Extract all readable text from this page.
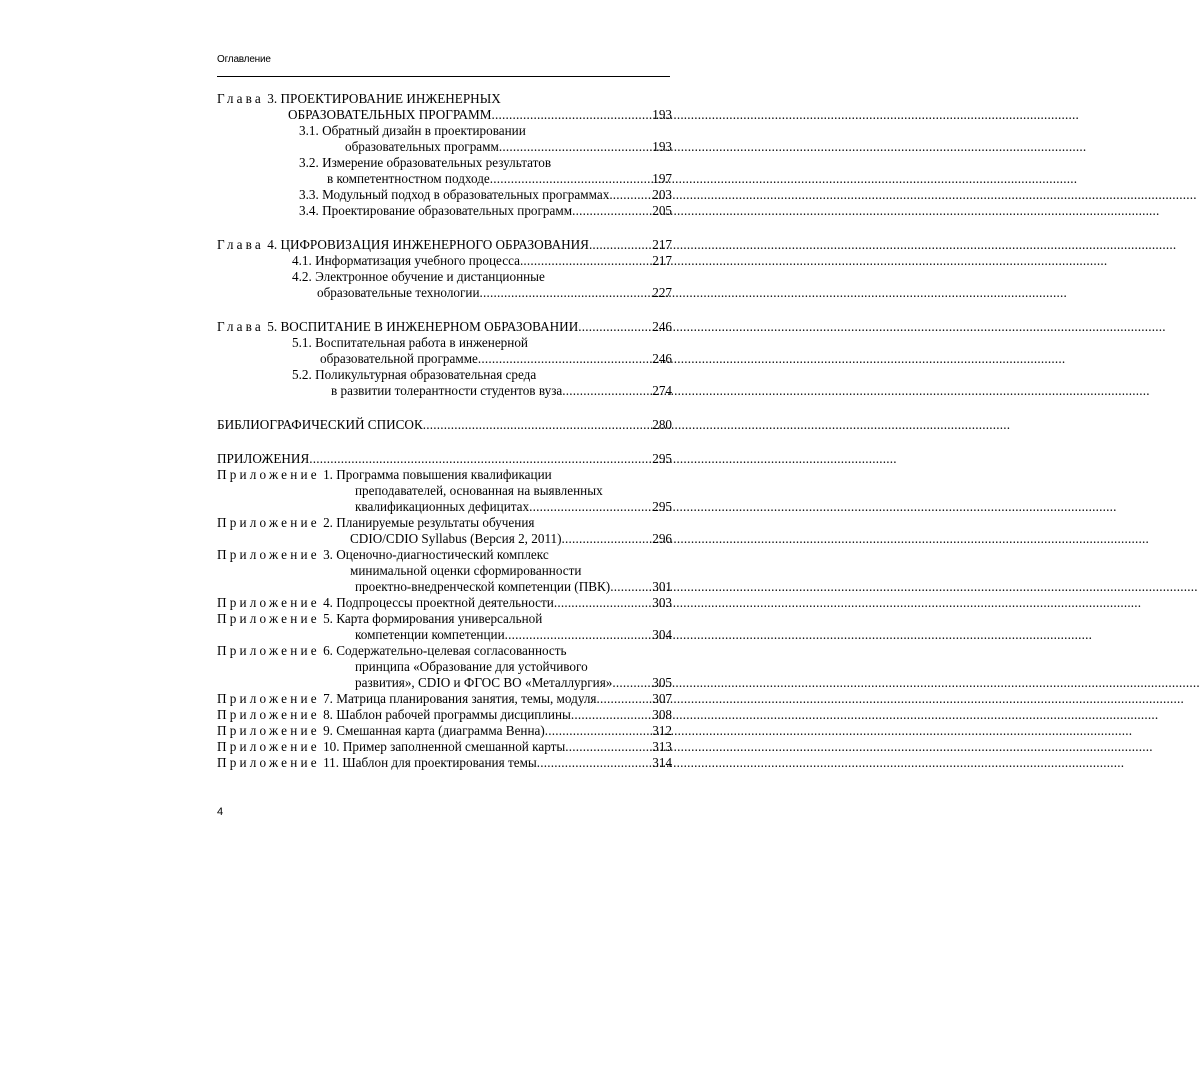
Оглавление
Глава 3. ПРОЕКТИРОВАНИЕ ИНЖЕНЕРНЫХ
ОБРАЗОВАТЕЛЬНЫХ ПРОГРАММ .....	193
3.1. Обратный дизайн в проектировании
образовательных программ .....	193
3.2. Измерение образовательных результатов
в компетентностном подходе .....	197
3.3. Модульный подход в образовательных программах .....	203
3.4. Проектирование образовательных программ .....	205
Глава 4. ЦИФРОВИЗАЦИЯ ИНЖЕНЕРНОГО ОБРАЗОВАНИЯ .....	217
4.1. Информатизация учебного процесса .....	217
4.2. Электронное обучение и дистанционные
образовательные технологии .....	227
Глава 5. ВОСПИТАНИЕ В ИНЖЕНЕРНОМ ОБРАЗОВАНИИ .....	246
5.1. Воспитательная работа в инженерной
образовательной программе .....	246
5.2. Поликультурная образовательная среда
в развитии толерантности студентов вуза .....	274
БИБЛИОГРАФИЧЕСКИЙ СПИСОК .....	280
ПРИЛОЖЕНИЯ .....	295
Приложение 1. Программа повышения квалификации
преподавателей, основанная на выявленных
квалификационных дефицитах .....	295
Приложение 2. Планируемые результаты обучения
CDIO/CDIO Syllabus (Версия 2, 2011) .....	296
Приложение 3. Оценочно-диагностический комплекс
минимальной оценки сформированности
проектно-внедренческой компетенции (ПВК) .....	301
Приложение 4. Подпроцессы проектной деятельности .....	303
Приложение 5. Карта формирования универсальной
компетенции компетенции .....	304
Приложение 6. Содержательно-целевая согласованность
принципа «Образование для устойчивого
развития», CDIO и ФГОС ВО «Металлургия» .....	305
Приложение 7. Матрица планирования занятия, темы, модуля .....	307
Приложение 8. Шаблон рабочей программы дисциплины .....	308
Приложение 9. Смешанная карта (диаграмма Венна) .....	312
Приложение 10. Пример заполненной смешанной карты .....	313
Приложение 11. Шаблон для проектирования темы .....	314
4
